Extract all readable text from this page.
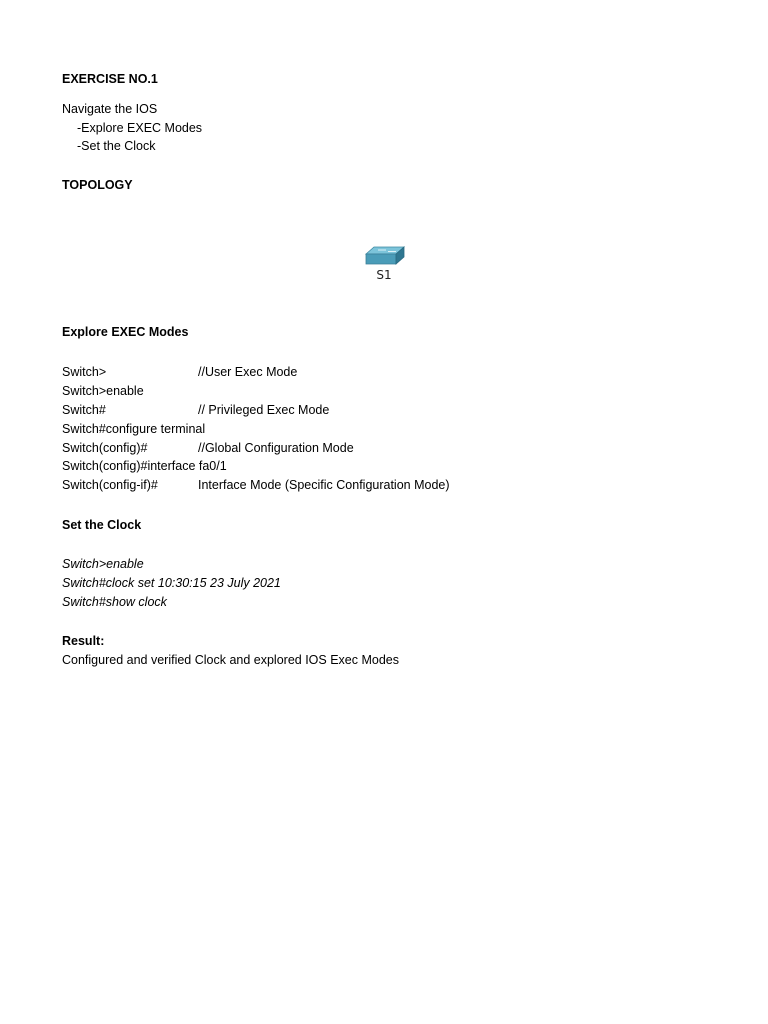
EXERCISE NO.1
Navigate the IOS
-Explore EXEC Modes
-Set the Clock
TOPOLOGY
S1
Explore EXEC Modes
Switch>	//User Exec Mode
Switch>enable
Switch#	// Privileged Exec Mode
Switch#configure terminal
Switch(config)#	//Global Configuration Mode
Switch(config)#interface fa0/1
Switch(config-if)#	Interface Mode (Specific Configuration Mode)
Set the Clock
Switch>enable
Switch#clock set 10:30:15 23 July 2021
Switch#show clock
Result:
Configured and verified Clock and explored IOS Exec Modes
